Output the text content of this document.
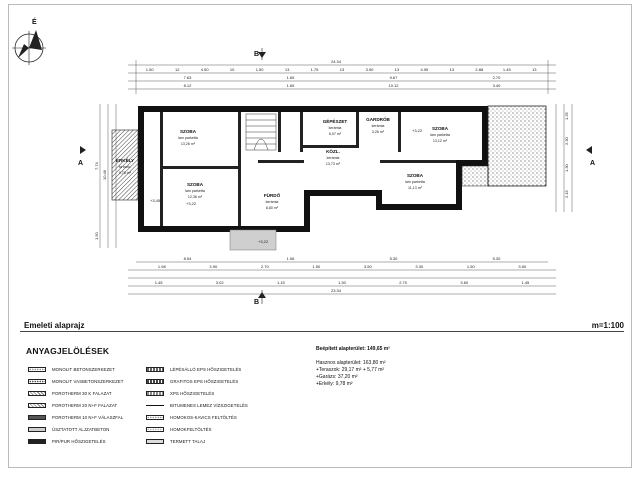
É
24.34
1.50	12	4.50	10	1.50	13	1.75	13	3.90	13	4.95	13	2.88	1.45	13
7.63	1.65	9.67	2.70
8.12	1.65	10.12	3.40
B
B
A	A
7.74
1.50
10.46
1.25
2.30
1.30
2.15
SZOBA
lam parketta
13,26 m²
ERKÉLY
fa burk.
9,78 m²
SZOBA
lam parketta
12,36 m²
GÉPÉSZET
kerámia
6,07 m²
GARDRÓB
kerámia
3,26 m²
SZOBA
lam parketta
13,12 m²
KÖZL.
kerámia
13,73 m²
FÜRDŐ
kerámia
8,80 m²
SZOBA
lam parketta
11,13 m²
+3,22
+3,22
+3,22
+3,22
+3,45
8.54	1.56	5.30	5.30
1.98	3.90	2.70	1.50	3.50	3.30	1.50	3.50
1.45	3.02	1.15	1.30	2.70	3.60	1.45
23.34
Emeleti alaprajz	m=1:100
ANYAGJELÖLÉSEK
MONOLIT BETONSZERKEZET
MONOLIT VASBETONSZERKEZET
POROTHERM 30 K FALAZAT
POROTHERM 20 N+F FALAZAT
POROTHERM 10 N+F VÁLASZFAL
ÚSZTATOTT ALJZATBETON
PIR/PUR HŐSZIGETELÉS
LÉPÉSÁLLÓ EPS HŐSZIGETELÉS
GRAFITOS EPS HŐSZIGETELÉS
XPS HŐSZIGETELÉS
BITUMENES LEMEZ VÍZSZIGETELÉS
HOMOKOS-KAVICS FELTÖLTÉS
HOMOKFELTÖLTÉS
TERMETT TALAJ
Beépített alapterület: 149,65 m²
Hasznos alapterület: 163,80 m²
+Teraszok: 29,17 m² + 5,77 m²
+Garázs: 37,20 m²
+Erkély: 9,78 m²
